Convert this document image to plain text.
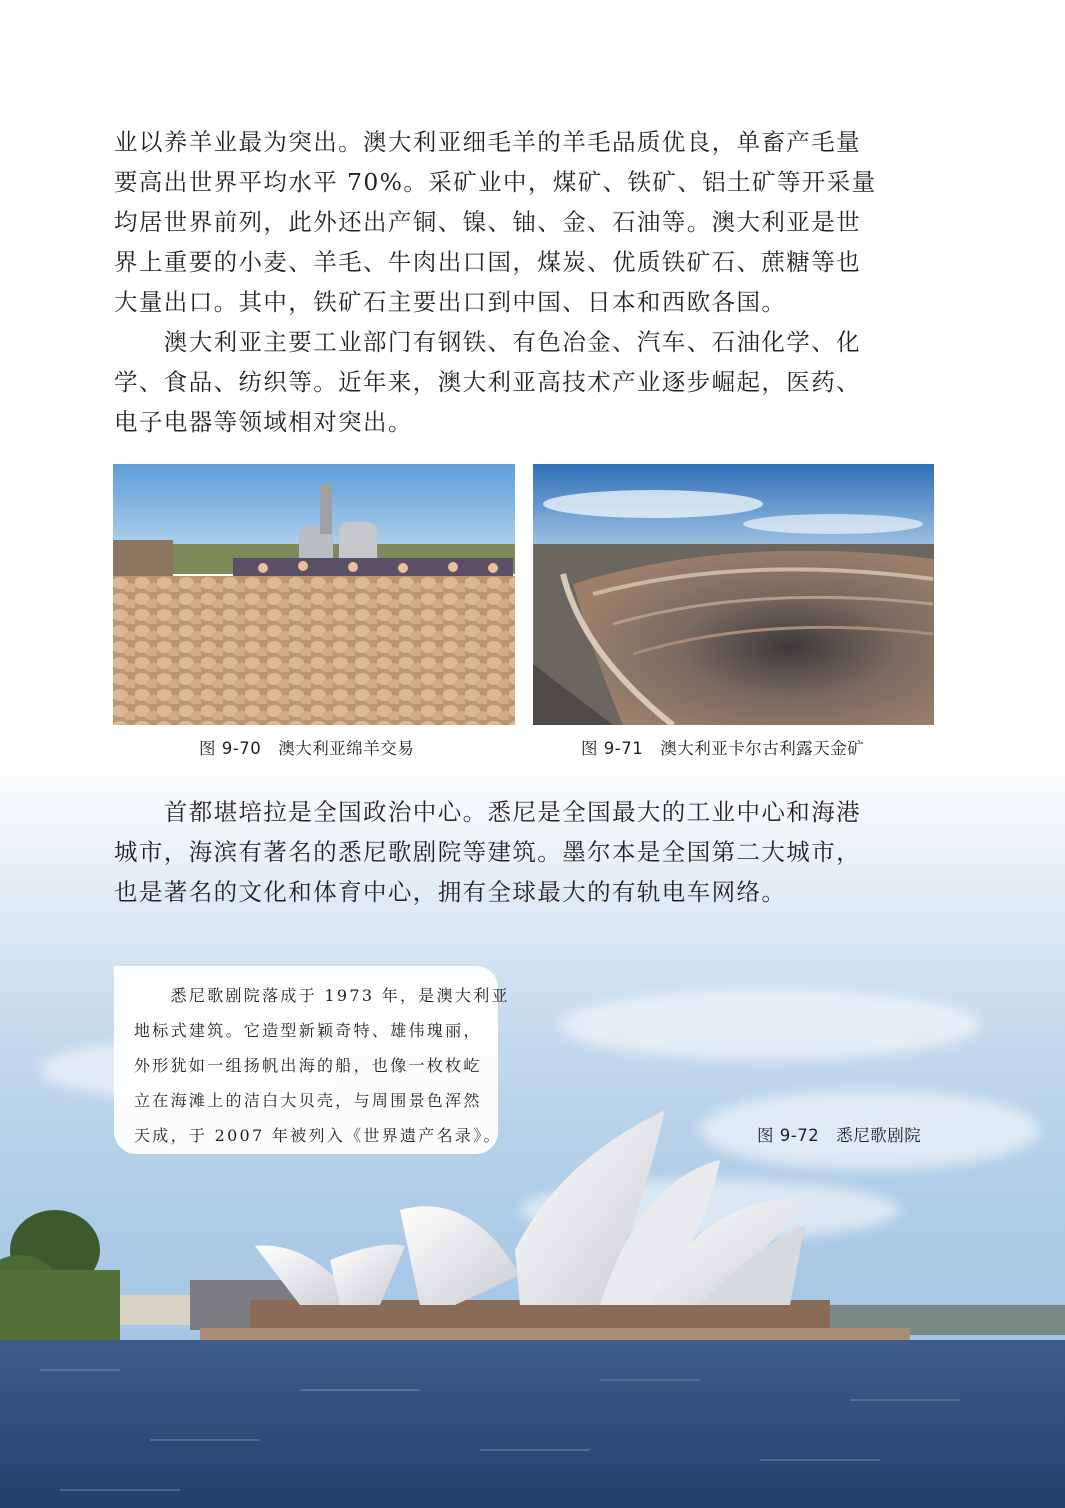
业以养羊业最为突出。澳大利亚细毛羊的羊毛品质优良，单畜产毛量
要高出世界平均水平 70%。采矿业中，煤矿、铁矿、铝土矿等开采量
均居世界前列，此外还出产铜、镍、铀、金、石油等。澳大利亚是世
界上重要的小麦、羊毛、牛肉出口国，煤炭、优质铁矿石、蔗糖等也
大量出口。其中，铁矿石主要出口到中国、日本和西欧各国。
　　澳大利亚主要工业部门有钢铁、有色冶金、汽车、石油化学、化
学、食品、纺织等。近年来，澳大利亚高技术产业逐步崛起，医药、
电子电器等领域相对突出。
图 9-70　澳大利亚绵羊交易	图 9-71　澳大利亚卡尔古利露天金矿
　　首都堪培拉是全国政治中心。悉尼是全国最大的工业中心和海港
城市，海滨有著名的悉尼歌剧院等建筑。墨尔本是全国第二大城市，
也是著名的文化和体育中心，拥有全球最大的有轨电车网络。
　　悉尼歌剧院落成于 1973 年，是澳大利亚
地标式建筑。它造型新颖奇特、雄伟瑰丽，
外形犹如一组扬帆出海的船，也像一枚枚屹
立在海滩上的洁白大贝壳，与周围景色浑然
天成，于 2007 年被列入《世界遗产名录》。	图 9-72　悉尼歌剧院
